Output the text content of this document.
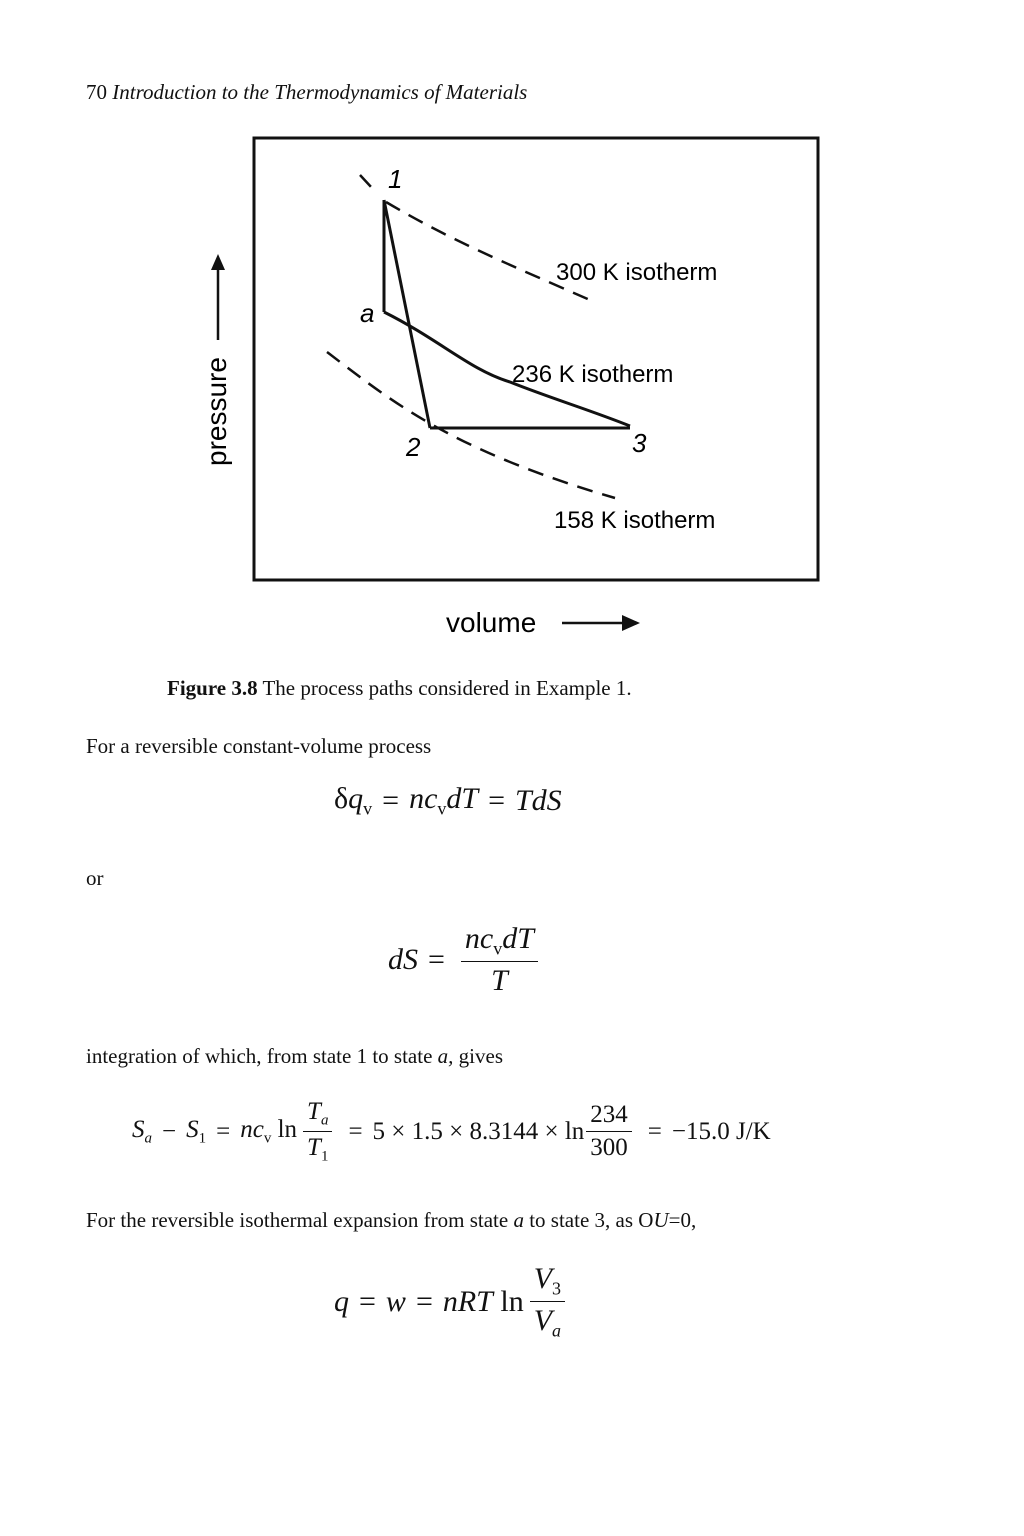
70 Introduction to the Thermodynamics of Materials
1
a
2	3
300 K isotherm
236 K isotherm
158 K isotherm
pressure
volume
Figure 3.8 The process paths considered in Example 1.
For a reversible constant-volume process
$\delta q_v = nc_vdT$ = TdS
or
dS = $\frac{nc_vdT}{T}$
integration of which, from state 1 to state a, gives
$S_a - S_1 = nc_v$ $\ln \frac{T_a}{T_1} = 5 \times 1.5 \times 8.3144 \times \ln \frac{234}{300} = -15.0$ J/K
For the reversible isothermal expansion from state a to state 3, as OU=0,
q = w = nRT $\ln \frac{V_3}{V_a}$
